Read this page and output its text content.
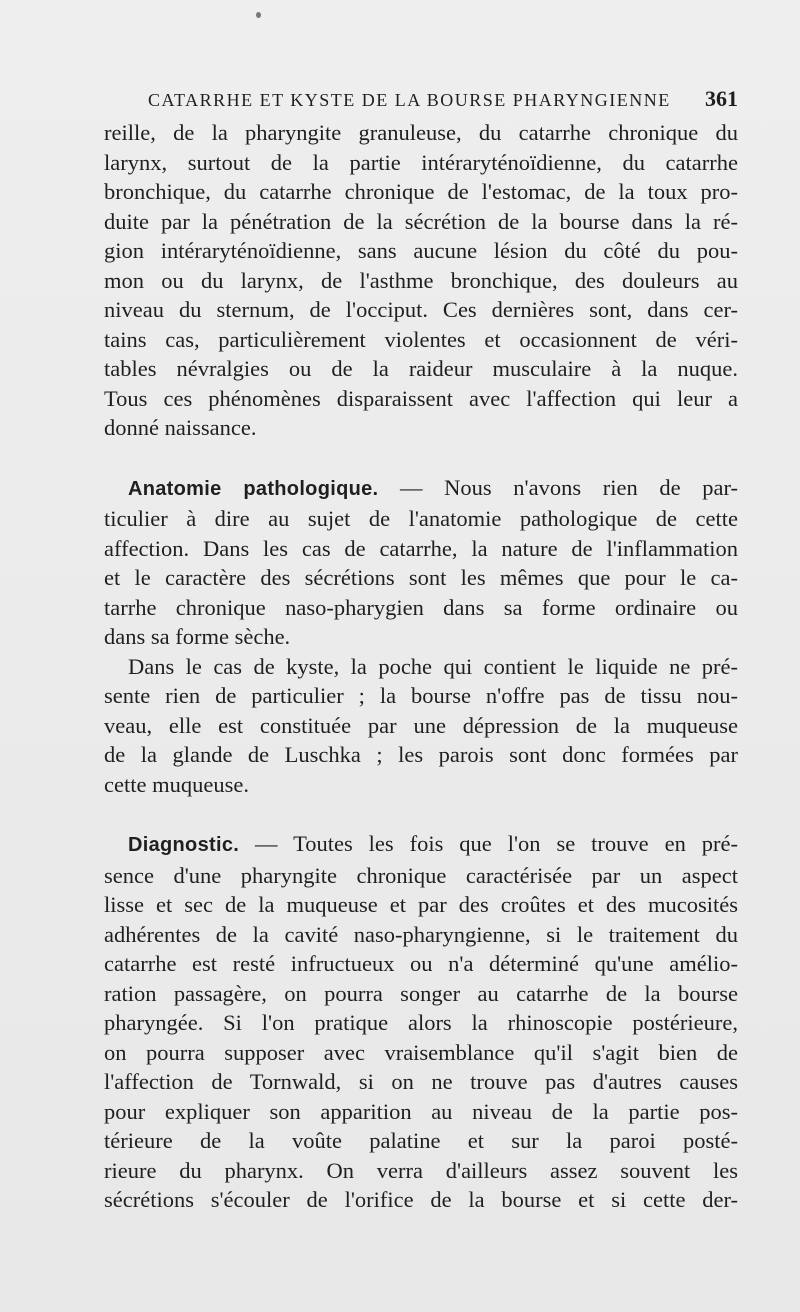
CATARRHE ET KYSTE DE LA BOURSE PHARYNGIENNE 361
reille, de la pharyngite granuleuse, du catarrhe chronique du
larynx, surtout de la partie intéraryténoïdienne, du catarrhe
bronchique, du catarrhe chronique de l'estomac, de la toux pro-
duite par la pénétration de la sécrétion de la bourse dans la ré-
gion intéraryténoïdienne, sans aucune lésion du côté du pou-
mon ou du larynx, de l'asthme bronchique, des douleurs au
niveau du sternum, de l'occiput. Ces dernières sont, dans cer-
tains cas, particulièrement violentes et occasionnent de véri-
tables névralgies ou de la raideur musculaire à la nuque.
Tous ces phénomènes disparaissent avec l'affection qui leur a
donné naissance.
Anatomie pathologique. — Nous n'avons rien de par-
ticulier à dire au sujet de l'anatomie pathologique de cette
affection. Dans les cas de catarrhe, la nature de l'inflammation
et le caractère des sécrétions sont les mêmes que pour le ca-
tarrhe chronique naso-pharygien dans sa forme ordinaire ou
dans sa forme sèche.
Dans le cas de kyste, la poche qui contient le liquide ne pré-
sente rien de particulier ; la bourse n'offre pas de tissu nou-
veau, elle est constituée par une dépression de la muqueuse
de la glande de Luschka ; les parois sont donc formées par
cette muqueuse.
Diagnostic. — Toutes les fois que l'on se trouve en pré-
sence d'une pharyngite chronique caractérisée par un aspect
lisse et sec de la muqueuse et par des croûtes et des mucosités
adhérentes de la cavité naso-pharyngienne, si le traitement du
catarrhe est resté infructueux ou n'a déterminé qu'une amélio-
ration passagère, on pourra songer au catarrhe de la bourse
pharyngée. Si l'on pratique alors la rhinoscopie postérieure,
on pourra supposer avec vraisemblance qu'il s'agit bien de
l'affection de Tornwald, si on ne trouve pas d'autres causes
pour expliquer son apparition au niveau de la partie pos-
térieure de la voûte palatine et sur la paroi posté-
rieure du pharynx. On verra d'ailleurs assez souvent les
sécrétions s'écouler de l'orifice de la bourse et si cette der-
